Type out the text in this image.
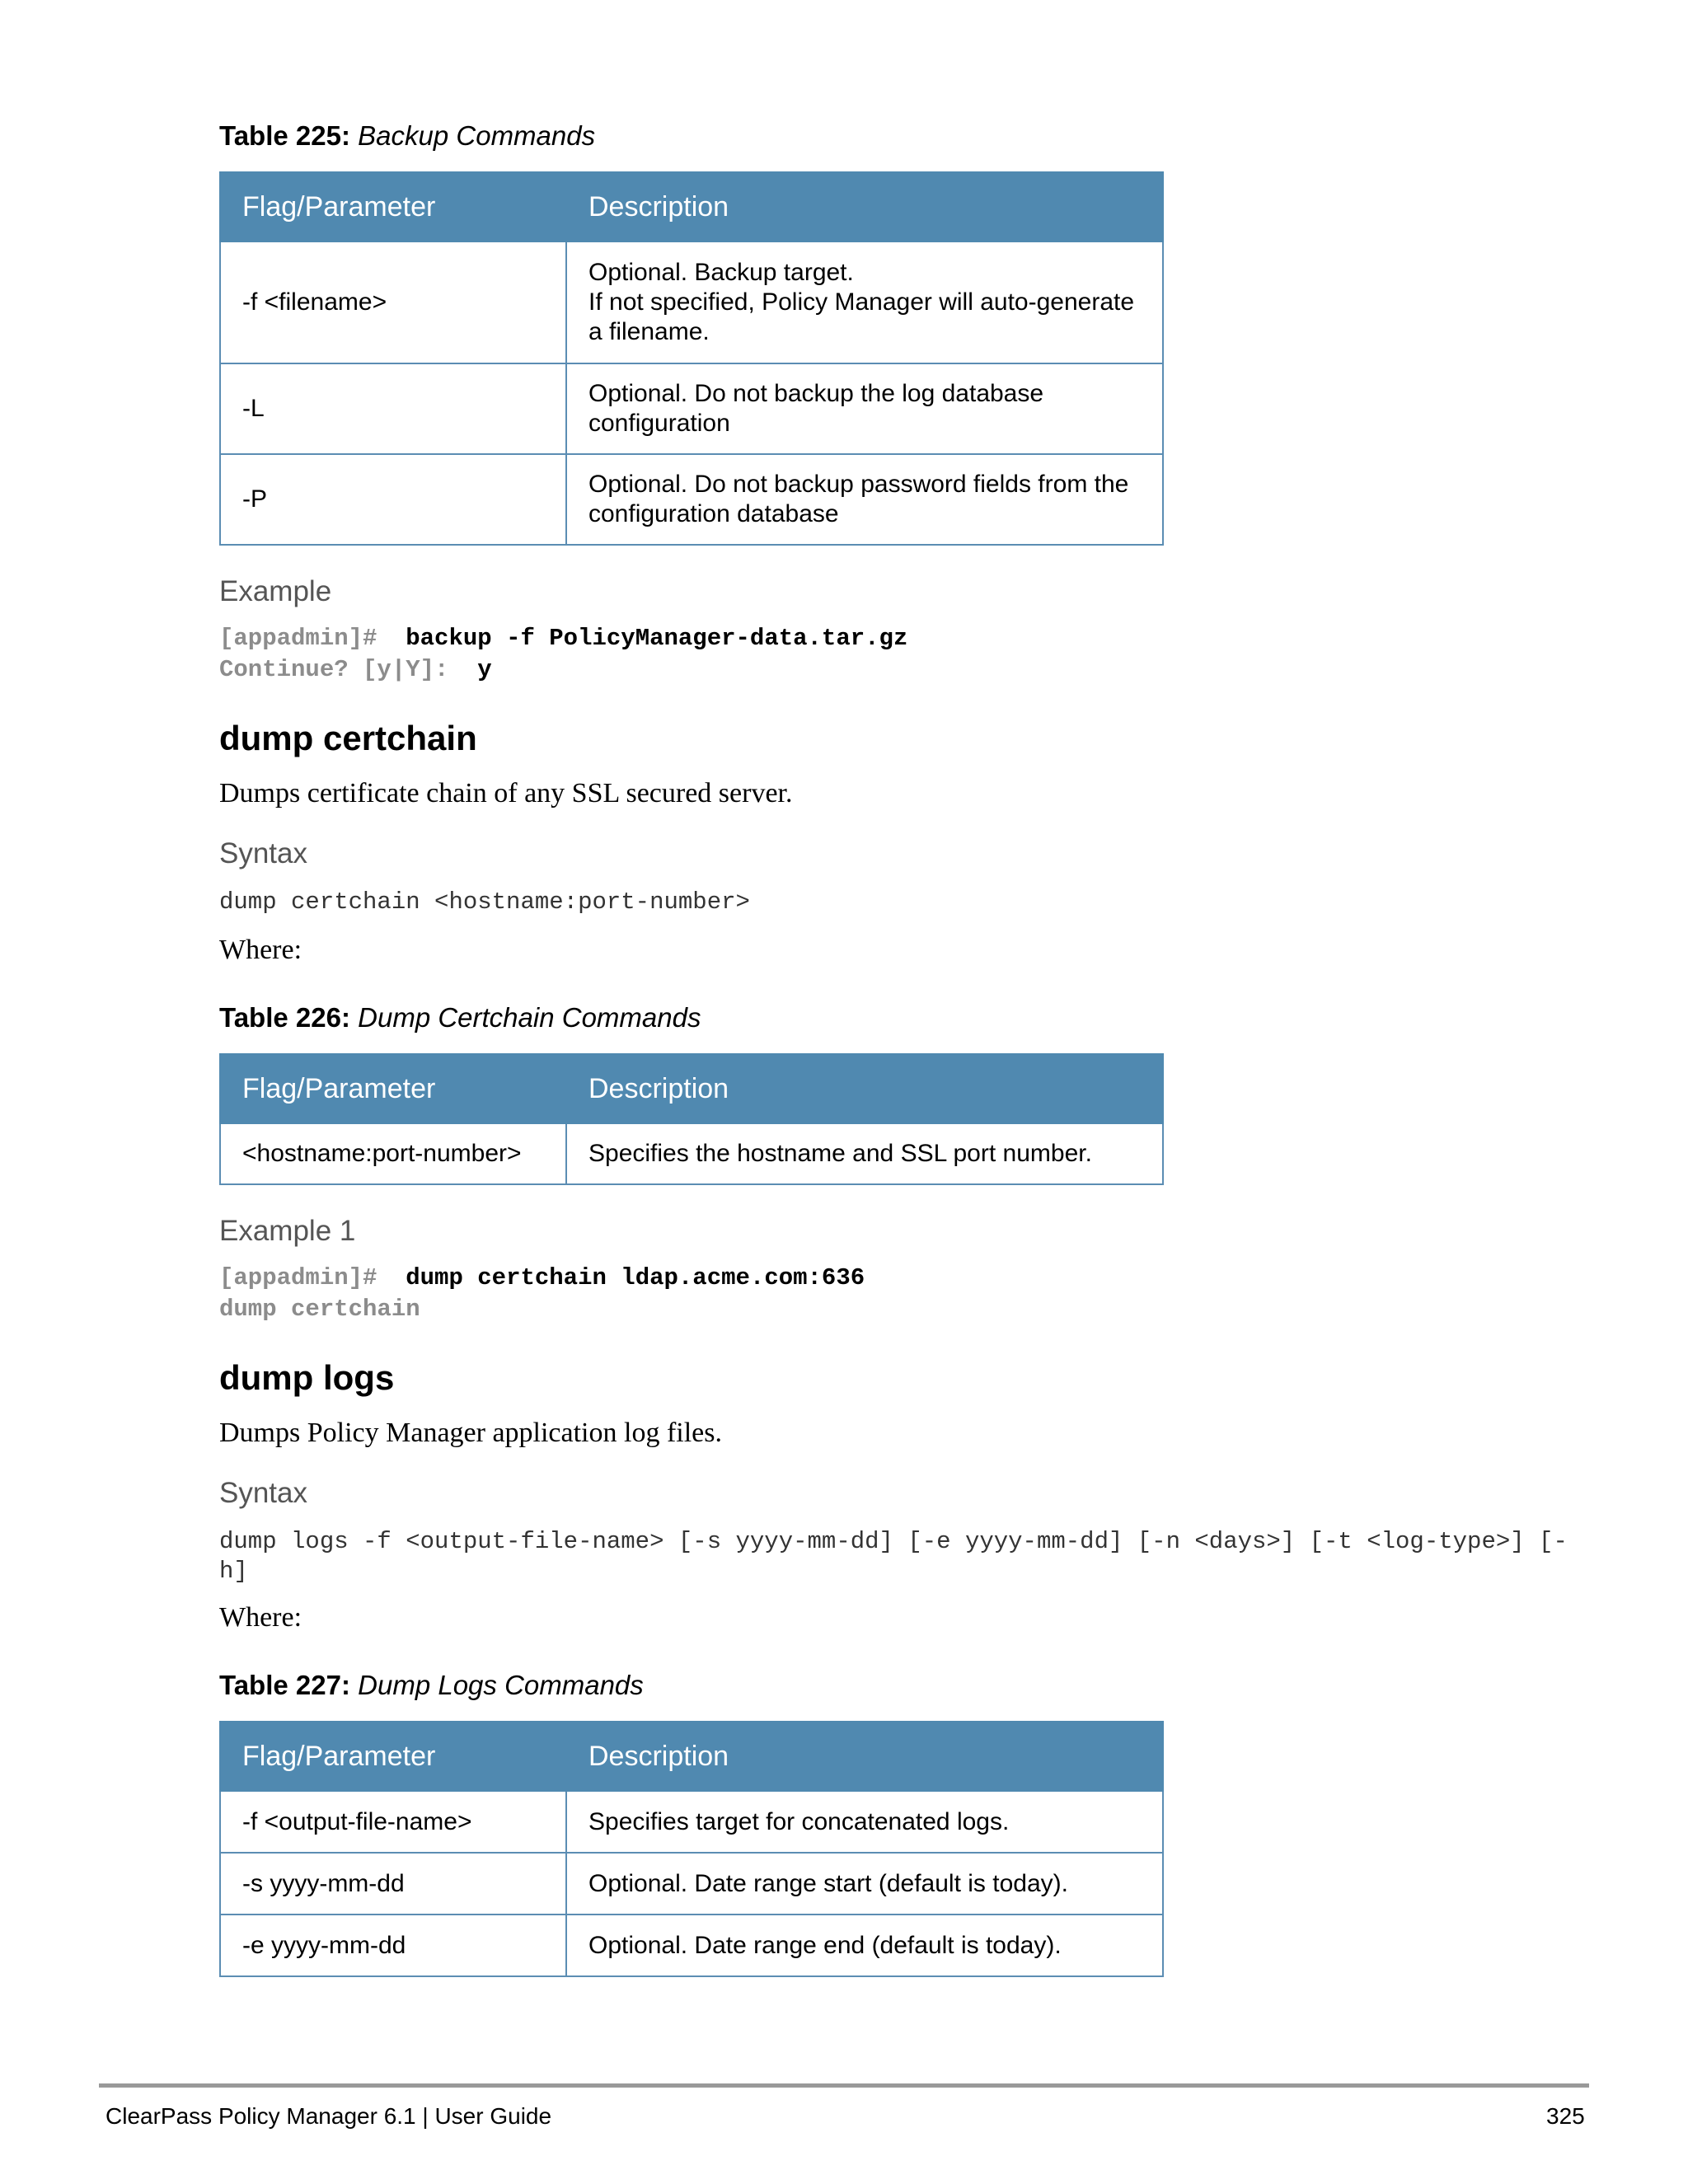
Table 225: Backup Commands
Flag/Parameter	Description
-f <filename>	Optional. Backup target.
If not specified, Policy Manager will auto-generate
a filename.

-L	Optional. Do not backup the log database
configuration

-P	Optional. Do not backup password fields from the
configuration database
Example
[appadmin]# backup -f PolicyManager-data.tar.gz
Continue? [y|Y]: y
dump certchain
Dumps certificate chain of any SSL secured server.
Syntax
dump certchain <hostname:port-number>
Where:
Table 226: Dump Certchain Commands
Flag/Parameter	Description
<hostname:port-number>	Specifies the hostname and SSL port number.
Example 1
[appadmin]# dump certchain ldap.acme.com:636
dump certchain
dump logs
Dumps Policy Manager application log files.
Syntax
dump logs -f <output-file-name> [-s yyyy-mm-dd] [-e yyyy-mm-dd] [-n <days>] [-t <log-type>] [-
h]
Where:
Table 227: Dump Logs Commands
Flag/Parameter	Description
-f <output-file-name>	Specifies target for concatenated logs.
-s yyyy-mm-dd	Optional. Date range start (default is today).
-e yyyy-mm-dd	Optional. Date range end (default is today).
ClearPass Policy Manager 6.1 | User Guide	325
